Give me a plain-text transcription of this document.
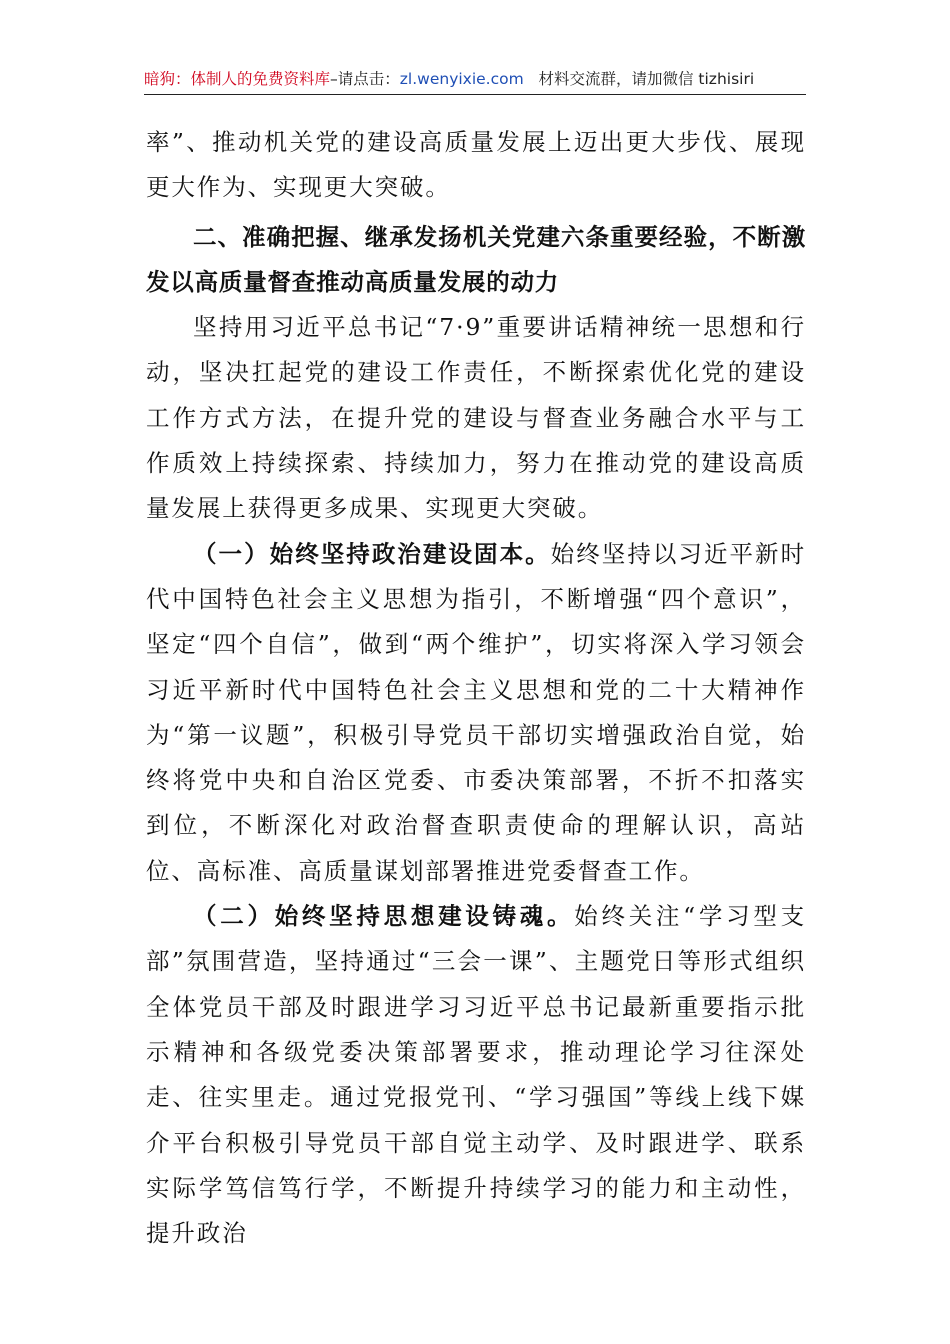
暗狗：体制人的免费资料库–请点击：zl.wenyixie.com 材料交流群，请加微信 tizhisiri

率”、推动机关党的建设高质量发展上迈出更大步伐、展现更大作为、实现更大突破。

二、准确把握、继承发扬机关党建六条重要经验，不断激发以高质量督查推动高质量发展的动力

坚持用习近平总书记“7·9”重要讲话精神统一思想和行动，坚决扛起党的建设工作责任，不断探索优化党的建设工作方式方法，在提升党的建设与督查业务融合水平与工作质效上持续探索、持续加力，努力在推动党的建设高质量发展上获得更多成果、实现更大突破。

（一）始终坚持政治建设固本。始终坚持以习近平新时代中国特色社会主义思想为指引，不断增强“四个意识”，坚定“四个自信”，做到“两个维护”，切实将深入学习领会习近平新时代中国特色社会主义思想和党的二十大精神作为“第一议题”，积极引导党员干部切实增强政治自觉，始终将党中央和自治区党委、市委决策部署，不折不扣落实到位，不断深化对政治督查职责使命的理解认识，高站位、高标准、高质量谋划部署推进党委督查工作。

（二）始终坚持思想建设铸魂。始终关注“学习型支部”氛围营造，坚持通过“三会一课”、主题党日等形式组织全体党员干部及时跟进学习习近平总书记最新重要指示批示精神和各级党委决策部署要求，推动理论学习往深处走、往实里走。通过党报党刊、“学习强国”等线上线下媒介平台积极引导党员干部自觉主动学、及时跟进学、联系实际学笃信笃行学，不断提升持续学习的能力和主动性，提升政治
